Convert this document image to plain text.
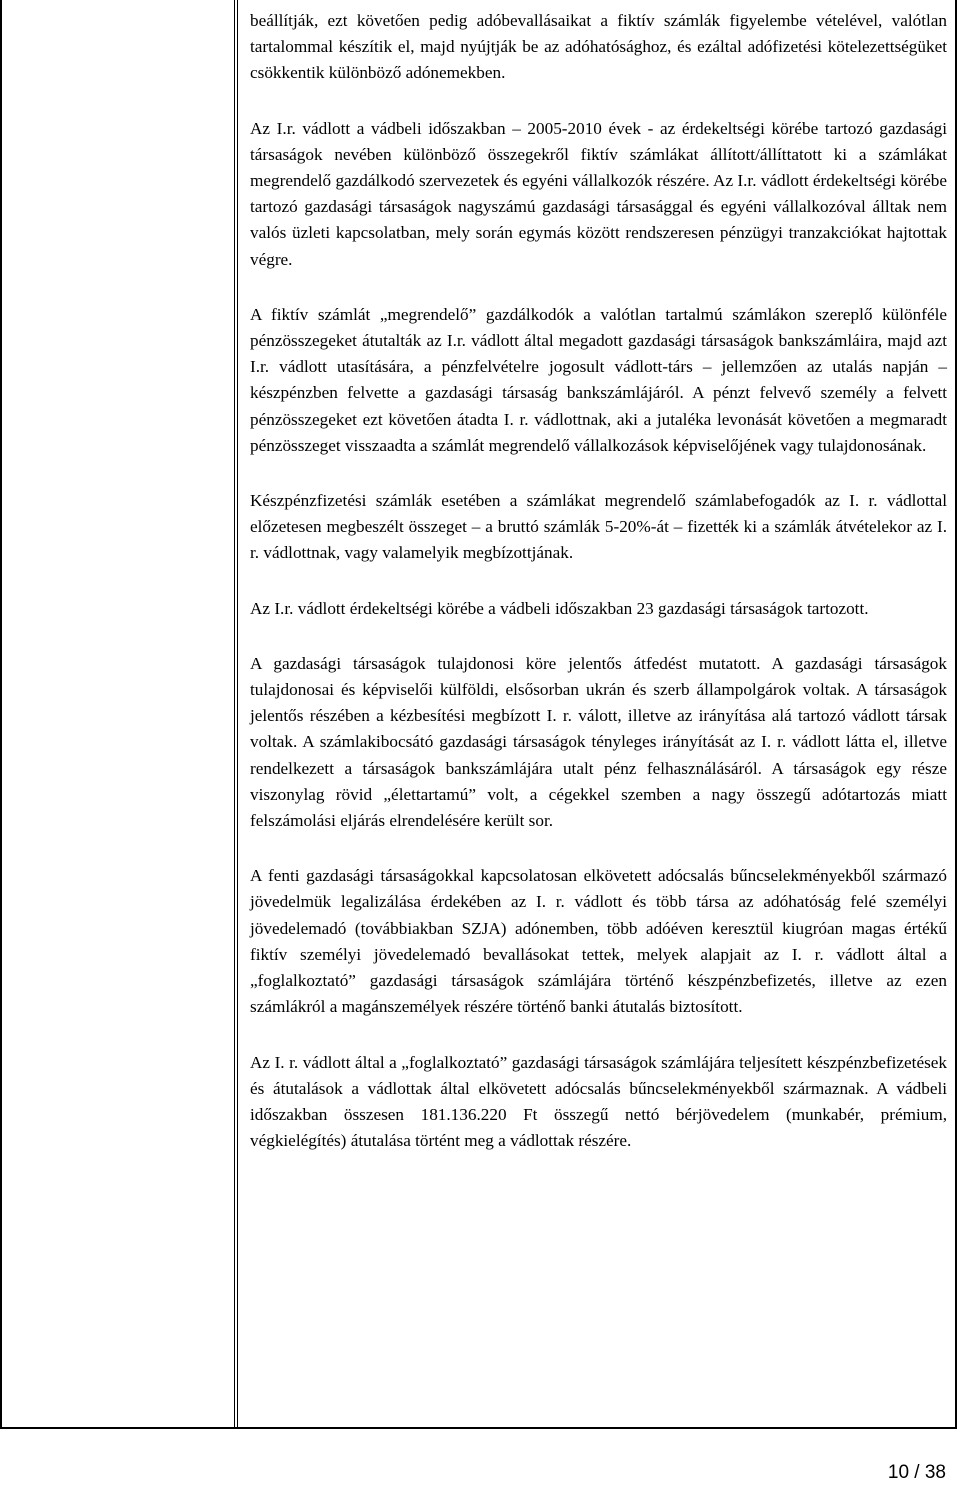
beállítják, ezt követően pedig adóbevallásaikat a fiktív számlák figyelembe vételével, valótlan tartalommal készítik el, majd nyújtják be az adóhatósághoz, és ezáltal adófizetési kötelezettségüket csökkentik különböző adónemekben.

Az I.r. vádlott a vádbeli időszakban – 2005-2010 évek - az érdekeltségi körébe tartozó gazdasági társaságok nevében különböző összegekről fiktív számlákat állított/állíttatott ki a számlákat megrendelő gazdálkodó szervezetek és egyéni vállalkozók részére. Az I.r. vádlott érdekeltségi körébe tartozó gazdasági társaságok nagyszámú gazdasági társasággal és egyéni vállalkozóval álltak nem valós üzleti kapcsolatban, mely során egymás között rendszeresen pénzügyi tranzakciókat hajtottak végre.

A fiktív számlát „megrendelő” gazdálkodók a valótlan tartalmú számlákon szereplő különféle pénzösszegeket átutalták az I.r. vádlott által megadott gazdasági társaságok bankszámláira, majd azt I.r. vádlott utasítására, a pénzfelvételre jogosult vádlott-társ – jellemzően az utalás napján – készpénzben felvette a gazdasági társaság bankszámlájáról. A pénzt felvevő személy a felvett pénzösszegeket ezt követően átadta I. r. vádlottnak, aki a jutaléka levonását követően a megmaradt pénzösszeget visszaadta a számlát megrendelő vállalkozások képviselőjének vagy tulajdonosának.

Készpénzfizetési számlák esetében a számlákat megrendelő számlabefogadók az I. r. vádlottal előzetesen megbeszélt összeget – a bruttó számlák 5-20%-át – fizették ki a számlák átvételekor az I. r. vádlottnak, vagy valamelyik megbízottjának.

Az I.r. vádlott érdekeltségi körébe a vádbeli időszakban 23 gazdasági társaságok tartozott.

A gazdasági társaságok tulajdonosi köre jelentős átfedést mutatott. A gazdasági társaságok tulajdonosai és képviselői külföldi, elsősorban ukrán és szerb állampolgárok voltak. A társaságok jelentős részében a kézbesítési megbízott I. r. válott, illetve az irányítása alá tartozó vádlott társak voltak. A számlakibocsátó gazdasági társaságok tényleges irányítását az I. r. vádlott látta el, illetve rendelkezett a társaságok bankszámlájára utalt pénz felhasználásáról. A társaságok egy része viszonylag rövid „élettartamú” volt, a cégekkel szemben a nagy összegű adótartozás miatt felszámolási eljárás elrendelésére került sor.

A fenti gazdasági társaságokkal kapcsolatosan elkövetett adócsalás bűncselekményekből származó jövedelmük legalizálása érdekében az I. r. vádlott és több társa az adóhatóság felé személyi jövedelemadó (továbbiakban SZJA) adónemben, több adóéven keresztül kiugróan magas értékű fiktív személyi jövedelemadó bevallásokat tettek, melyek alapjait az I. r. vádlott által a „foglalkoztató” gazdasági társaságok számlájára történő készpénzbefizetés, illetve az ezen számlákról a magánszemélyek részére történő banki átutalás biztosított.

Az I. r. vádlott által a „foglalkoztató” gazdasági társaságok számlájára teljesített készpénzbefizetések és átutalások a vádlottak által elkövetett adócsalás bűncselekményekből származnak. A vádbeli időszakban összesen 181.136.220 Ft összegű nettó bérjövedelem (munkabér, prémium, végkielégítés) átutalása történt meg a vádlottak részére.

10 / 38
